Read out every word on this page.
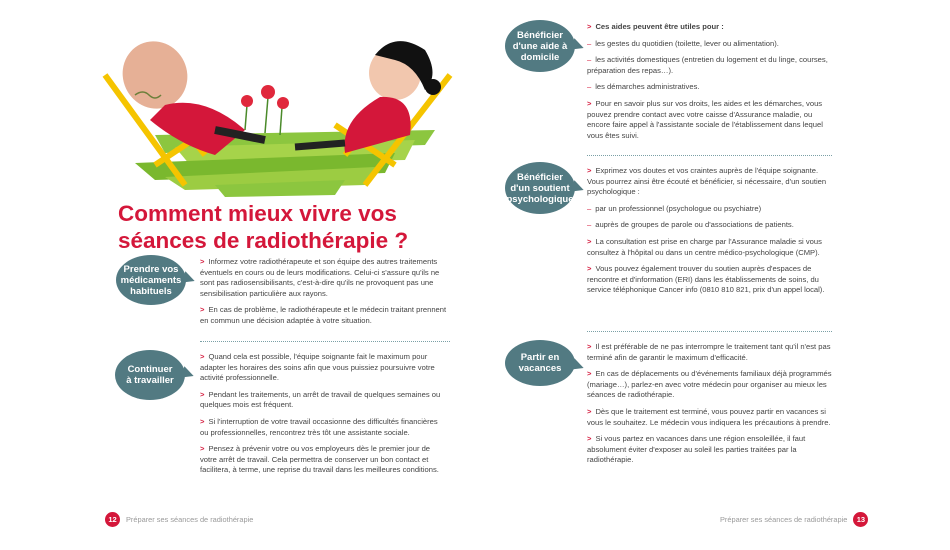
Comment mieux vivre vos
séances de radiothérapie ?
Prendre vos
médicaments
habituels

> Informez votre radiothérapeute et son équipe des autres traitements éventuels en cours ou de leurs modifications. Celui-ci s'assure qu'ils ne sont pas radiosensibilisants, c'est-à-dire qu'ils ne provoquent pas une sensibilisation particulière aux rayons.

> En cas de problème, le radiothérapeute et le médecin traitant prennent en commun une décision adaptée à votre situation.

Continuer
à travailler

> Quand cela est possible, l'équipe soignante fait le maximum pour adapter les horaires des soins afin que vous puissiez poursuivre votre activité professionnelle.

> Pendant les traitements, un arrêt de travail de quelques semaines ou quelques mois est fréquent.

> Si l'interruption de votre travail occasionne des difficultés financières ou professionnelles, rencontrez très tôt une assistante sociale.

> Pensez à prévenir votre ou vos employeurs dès le premier jour de votre arrêt de travail. Cela permettra de conserver un bon contact et facilitera, à terme, une reprise du travail dans les meilleures conditions.

12	Préparer ses séances de radiothérapie
Bénéficier
d'une aide à
domicile

> Ces aides peuvent être utiles pour :

– les gestes du quotidien (toilette, lever ou alimentation).

– les activités domestiques (entretien du logement et du linge, courses, préparation des repas…).

– les démarches administratives.

> Pour en savoir plus sur vos droits, les aides et les démarches, vous pouvez prendre contact avec votre caisse d'Assurance maladie, ou encore faire appel à l'assistante sociale de l'établissement dans lequel vous êtes suivi.

Bénéficier
d'un soutient
psychologique

> Exprimez vos doutes et vos craintes auprès de l'équipe soignante. Vous pourrez ainsi être écouté et bénéficier, si nécessaire, d'un soutien psychologique :

– par un professionnel (psychologue ou psychiatre)

– auprès de groupes de parole ou d'associations de patients.

> La consultation est prise en charge par l'Assurance maladie si vous consultez à l'hôpital ou dans un centre médico-psychologique (CMP).

> Vous pouvez également trouver du soutien auprès d'espaces de rencontre et d'information (ERI) dans les établissements de soins, du service téléphonique Cancer info (0810 810 821, prix d'un appel local).

Partir en
vacances

> Il est préférable de ne pas interrompre le traitement tant qu'il n'est pas terminé afin de garantir le maximum d'efficacité.

> En cas de déplacements ou d'événements familiaux déjà programmés (mariage…), parlez-en avec votre médecin pour organiser au mieux les séances de radiothérapie.

> Dès que le traitement est terminé, vous pouvez partir en vacances si vous le souhaitez. Le médecin vous indiquera les précautions à prendre.

> Si vous partez en vacances dans une région ensoleillée, il faut absolument éviter d'exposer au soleil les parties traitées par la radiothérapie.

Préparer ses séances de radiothérapie	13
